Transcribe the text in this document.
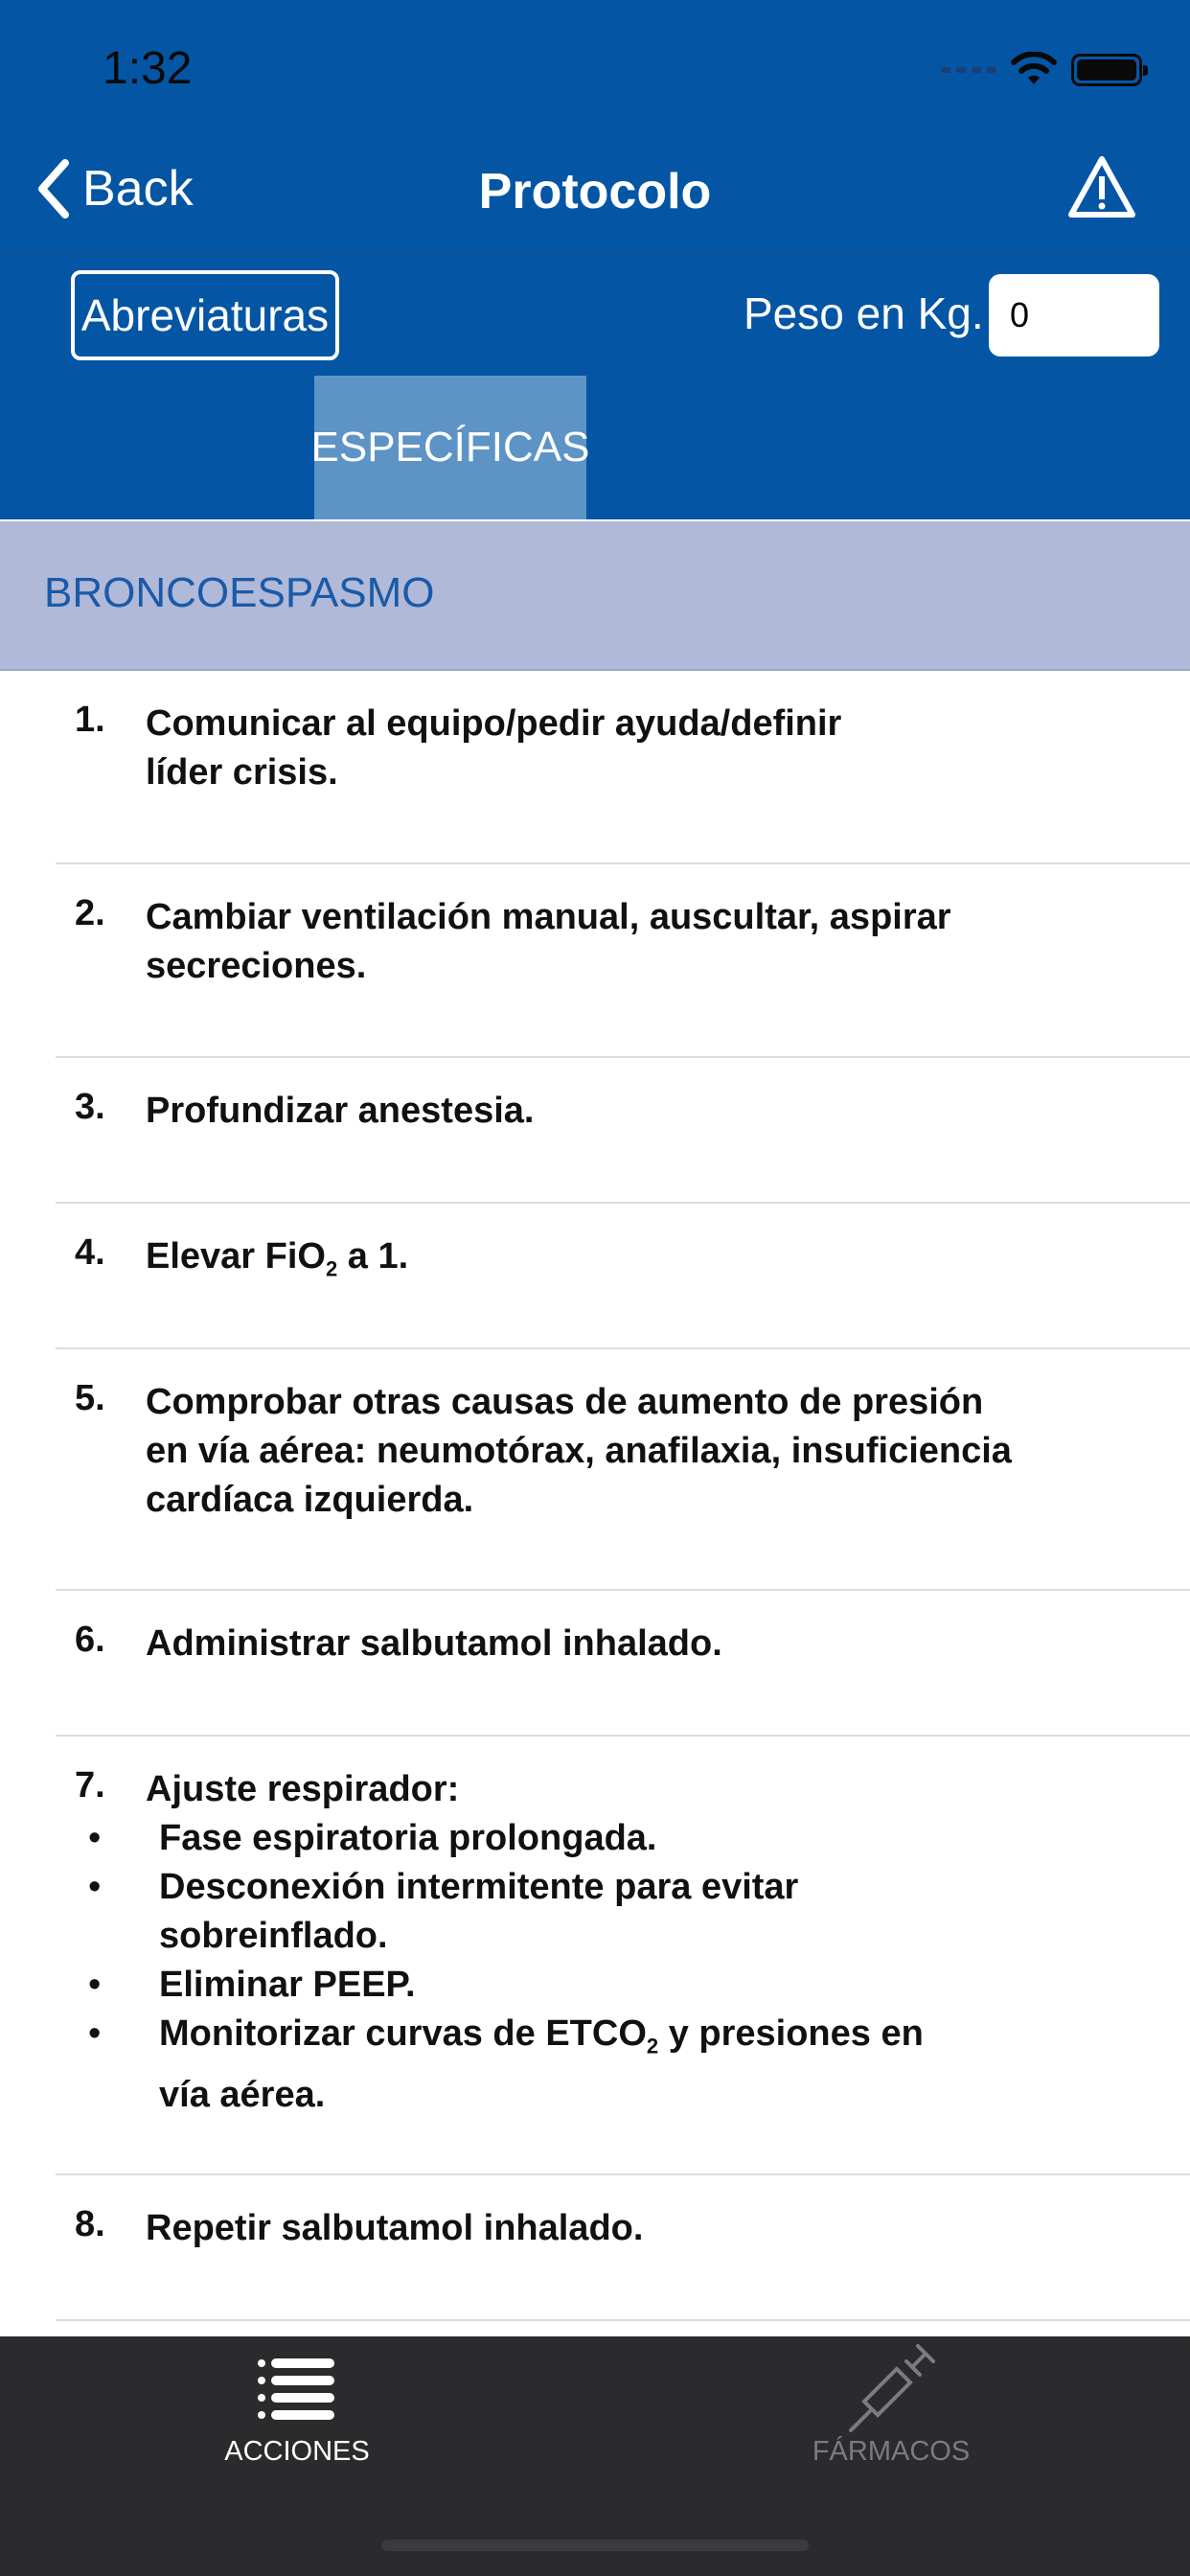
1:32
Back	Protocolo
Abreviaturas	Peso en Kg.
0
ESPECÍFICAS
BRONCOESPASMO
1. Comunicar al equipo/pedir ayuda/definir
líder crisis.
2. Cambiar ventilación manual, auscultar, aspirar
secreciones.
3. Profundizar anestesia.
4. Elevar FiO$_2$ a 1.
5. Comprobar otras causas de aumento de presión
en vía aérea: neumotórax, anafilaxia, insuficiencia
cardíaca izquierda.
6. Administrar salbutamol inhalado.
7. Ajuste respirador:
• Fase espiratoria prolongada.
• Desconexión intermitente para evitar
sobreinflado.
• Eliminar PEEP.
• Monitorizar curvas de $ETCO_2$ y presiones en
vía aérea.
8. Repetir salbutamol inhalado.
ACCIONES	FÁRMACOS
